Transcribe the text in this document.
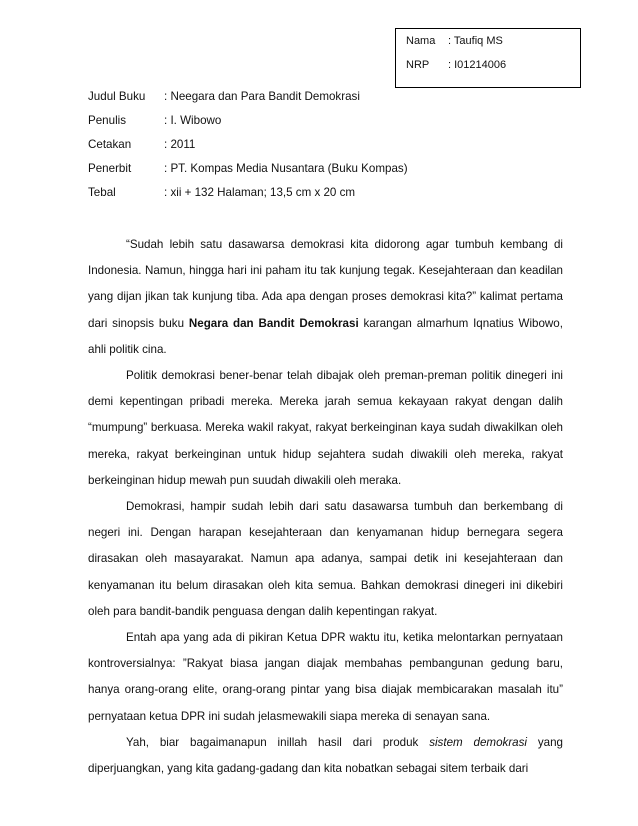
Nama : Taufiq MS
NRP : I01214006
Judul Buku : Neegara dan Para Bandit Demokrasi
Penulis	: I. Wibowo
Cetakan	: 2011
Penerbit	: PT. Kompas Media Nusantara (Buku Kompas)
Tebal	: xii + 132 Halaman; 13,5 cm x 20 cm

“Sudah lebih satu dasawarsa demokrasi kita didorong agar tumbuh kembang di Indonesia. Namun, hingga hari ini paham itu tak kunjung tegak. Kesejahteraan dan keadilan yang dijan jikan tak kunjung tiba. Ada apa dengan proses demokrasi kita?” kalimat pertama dari sinopsis buku Negara dan Bandit Demokrasi karangan almarhum Iqnatius Wibowo, ahli politik cina.

Politik demokrasi bener-benar telah dibajak oleh preman-preman politik dinegeri ini demi kepentingan pribadi mereka. Mereka jarah semua kekayaan rakyat dengan dalih “mumpung” berkuasa. Mereka wakil rakyat, rakyat berkeinginan kaya sudah diwakilkan oleh mereka, rakyat berkeinginan untuk hidup sejahtera sudah diwakili oleh mereka, rakyat berkeinginan hidup mewah pun suudah diwakili oleh meraka.

Demokrasi, hampir sudah lebih dari satu dasawarsa tumbuh dan berkembang di negeri ini. Dengan harapan kesejahteraan dan kenyamanan hidup bernegara segera dirasakan oleh masayarakat. Namun apa adanya, sampai detik ini kesejahteraan dan kenyamanan itu belum dirasakan oleh kita semua. Bahkan demokrasi dinegeri ini dikebiri oleh para bandit-bandik penguasa dengan dalih kepentingan rakyat.

Entah apa yang ada di pikiran Ketua DPR waktu itu, ketika melontarkan pernyataan kontroversialnya: ”Rakyat biasa jangan diajak membahas pembangunan gedung baru, hanya orang-orang elite, orang-orang pintar yang bisa diajak membicarakan masalah itu” pernyataan ketua DPR ini sudah jelasmewakili siapa mereka di senayan sana.

Yah, biar bagaimanapun inillah hasil dari produk sistem demokrasi yang diperjuangkan, yang kita gadang-gadang dan kita nobatkan sebagai sitem terbaik dari
